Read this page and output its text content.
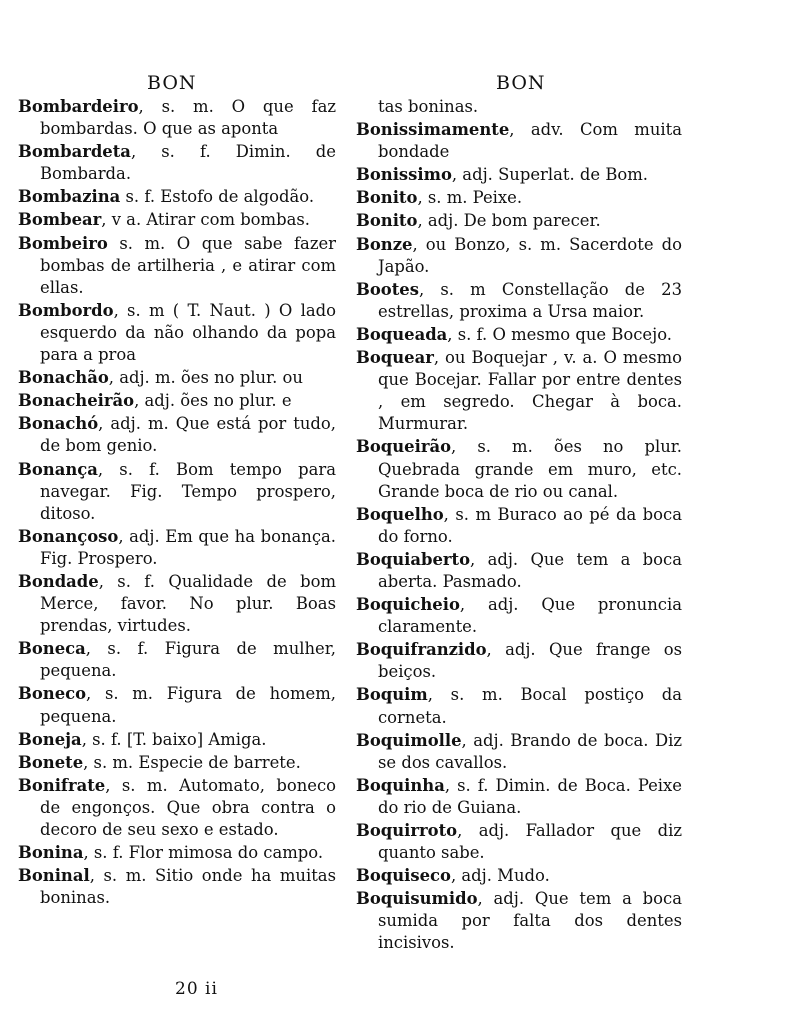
BON	BON
Bombardeiro, s. m. O que faz bombardas. O que as aponta
Bombardeta, s. f. Dimin. de Bombarda.
Bombazina s. f. Estofo de algodão.
Bombear, v a. Atirar com bombas.
Bombeiro s. m. O que sabe fazer bombas de artilheria , e atirar com ellas.
Bombordo, s. m ( T. Naut. ) O lado esquerdo da não olhando da popa para a proa
Bonachão, adj. m. ões no plur. ou
Bonacheirão, adj. ões no plur. e
Bonachó, adj. m. Que está por tudo, de bom genio.
Bonança, s. f. Bom tempo para navegar. Fig. Tempo prospero, ditoso.
Bonançoso, adj. Em que ha bonança. Fig. Prospero.
Bondade, s. f. Qualidade de bom Merce, favor. No plur. Boas prendas, virtudes.
Boneca, s. f. Figura de mulher, pequena.
Boneco, s. m. Figura de homem, pequena.
Boneja, s. f. [T. baixo] Amiga.
Bonete, s. m. Especie de barrete.
Bonifrate, s. m. Automato, boneco de engonços. Que obra contra o decoro de seu sexo e estado.
Bonina, s. f. Flor mimosa do campo.
Boninal, s. m. Sitio onde ha muitas boninas.
tas boninas.
Bonissimamente, adv. Com muita bondade
Bonissimo, adj. Superlat. de Bom.
Bonito, s. m. Peixe.
Bonito, adj. De bom parecer.
Bonze, ou Bonzo, s. m. Sacerdote do Japão.
Bootes, s. m Constellação de 23 estrellas, proxima a Ursa maior.
Boqueada, s. f. O mesmo que Bocejo.
Boquear, ou Boquejar , v. a. O mesmo que Bocejar. Fallar por entre dentes , em segredo. Chegar à boca. Murmurar.
Boqueirão, s. m. ões no plur. Quebrada grande em muro, etc. Grande boca de rio ou canal.
Boquelho, s. m Buraco ao pé da boca do forno.
Boquiaberto, adj. Que tem a boca aberta. Pasmado.
Boquicheio, adj. Que pronuncia claramente.
Boquifranzido, adj. Que frange os beiços.
Boquim, s. m. Bocal postiço da corneta.
Boquimolle, adj. Brando de boca. Diz se dos cavallos.
Boquinha, s. f. Dimin. de Boca. Peixe do rio de Guiana.
Boquirroto, adj. Fallador que diz quanto sabe.
Boquiseco, adj. Mudo.
Boquisumido, adj. Que tem a boca sumida por falta dos dentes incisivos.
20 ii
